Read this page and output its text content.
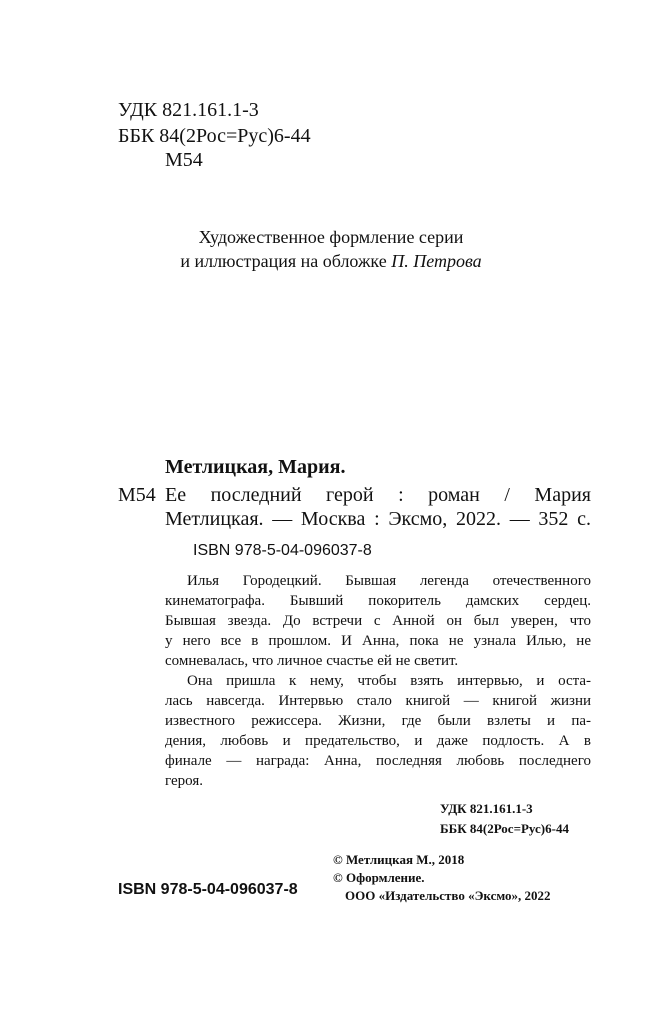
УДК 821.161.1-3
ББК 84(2Рос=Рус)6-44
М54
Художественное формление серии
и иллюстрация на обложке П. Петрова
Метлицкая, Мария.
М54 Ее последний герой : роман / Мария
Метлицкая. — Москва : Эксмо, 2022. — 352 с.
ISBN 978-5-04-096037-8
Илья Городецкий. Бывшая легенда отечественного
кинематографа. Бывший покоритель дамских сердец.
Бывшая звезда. До встречи с Анной он был уверен, что
у него все в прошлом. И Анна, пока не узнала Илью, не
сомневалась, что личное счастье ей не светит.
Она пришла к нему, чтобы взять интервью, и оста-
лась навсегда. Интервью стало книгой — книгой жизни
известного режиссера. Жизни, где были взлеты и па-
дения, любовь и предательство, и даже подлость. А в
финале — награда: Анна, последняя любовь последнего
героя.
УДК 821.161.1-3
ББК 84(2Рос=Рус)6-44
© Метлицкая М., 2018
© Оформление.
ООО «Издательство «Эксмо», 2022
ISBN 978-5-04-096037-8
